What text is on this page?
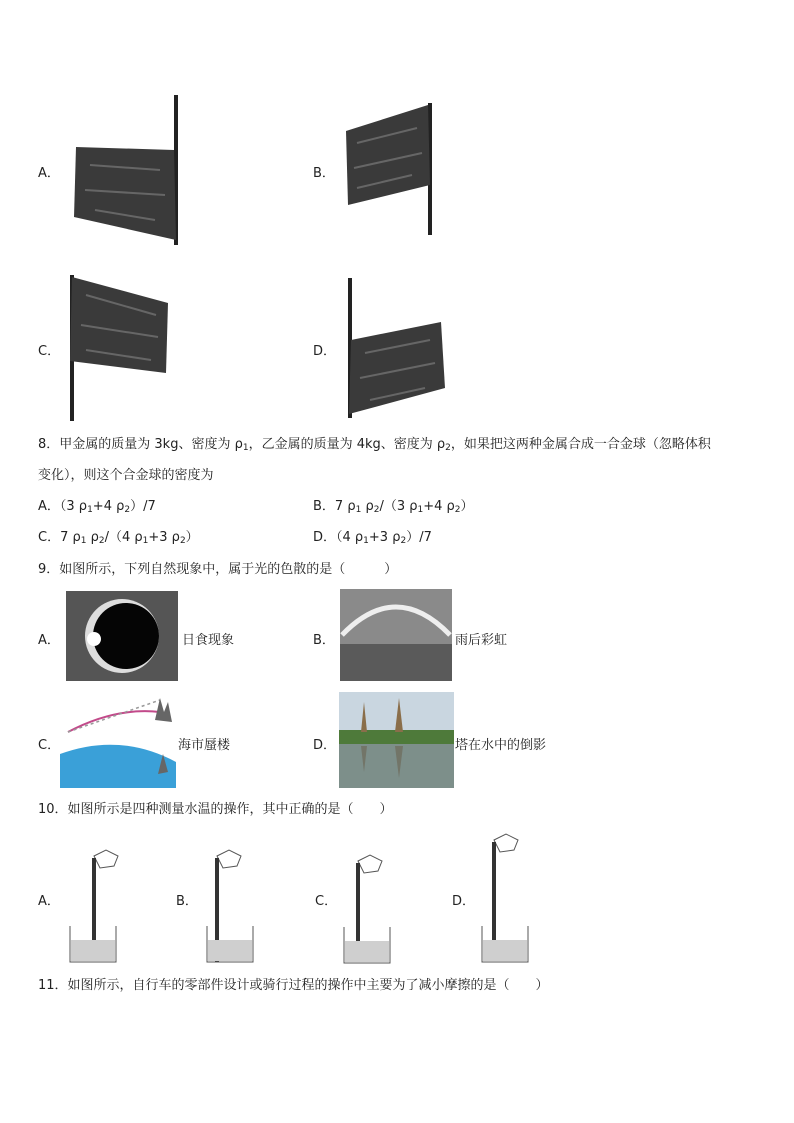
A．	B．
C．	D．
8．甲金属的质量为 3kg、密度为 $\rho_1$，乙金属的质量为 4kg、密度为 $\rho_2$，如果把这两种金属合成一合金球（忽略体积
变化），则这个合金球的密度为
A．（3 $\rho_1+4$ $\rho_2)/7$	B．7 $\rho_1$ $\rho_2/(3$ $\rho_1+4$ $\rho_2$）
C．7 $\rho_1$ $\rho_2/(4$ $\rho_1+3$ $\rho_2$）	D．（4 $\rho_1+3$ $\rho_2)/7$
9．如图所示，下列自然现象中，属于光的色散的是（　　　）
A．	日食现象	B．	雨后彩虹
C．	海市蜃楼	D．	塔在水中的倒影
10．如图所示是四种测量水温的操作，其中正确的是（　　）
A．	B．	C．	D．
11．如图所示，自行车的零部件设计或骑行过程的操作中主要为了减小摩擦的是（　　）
